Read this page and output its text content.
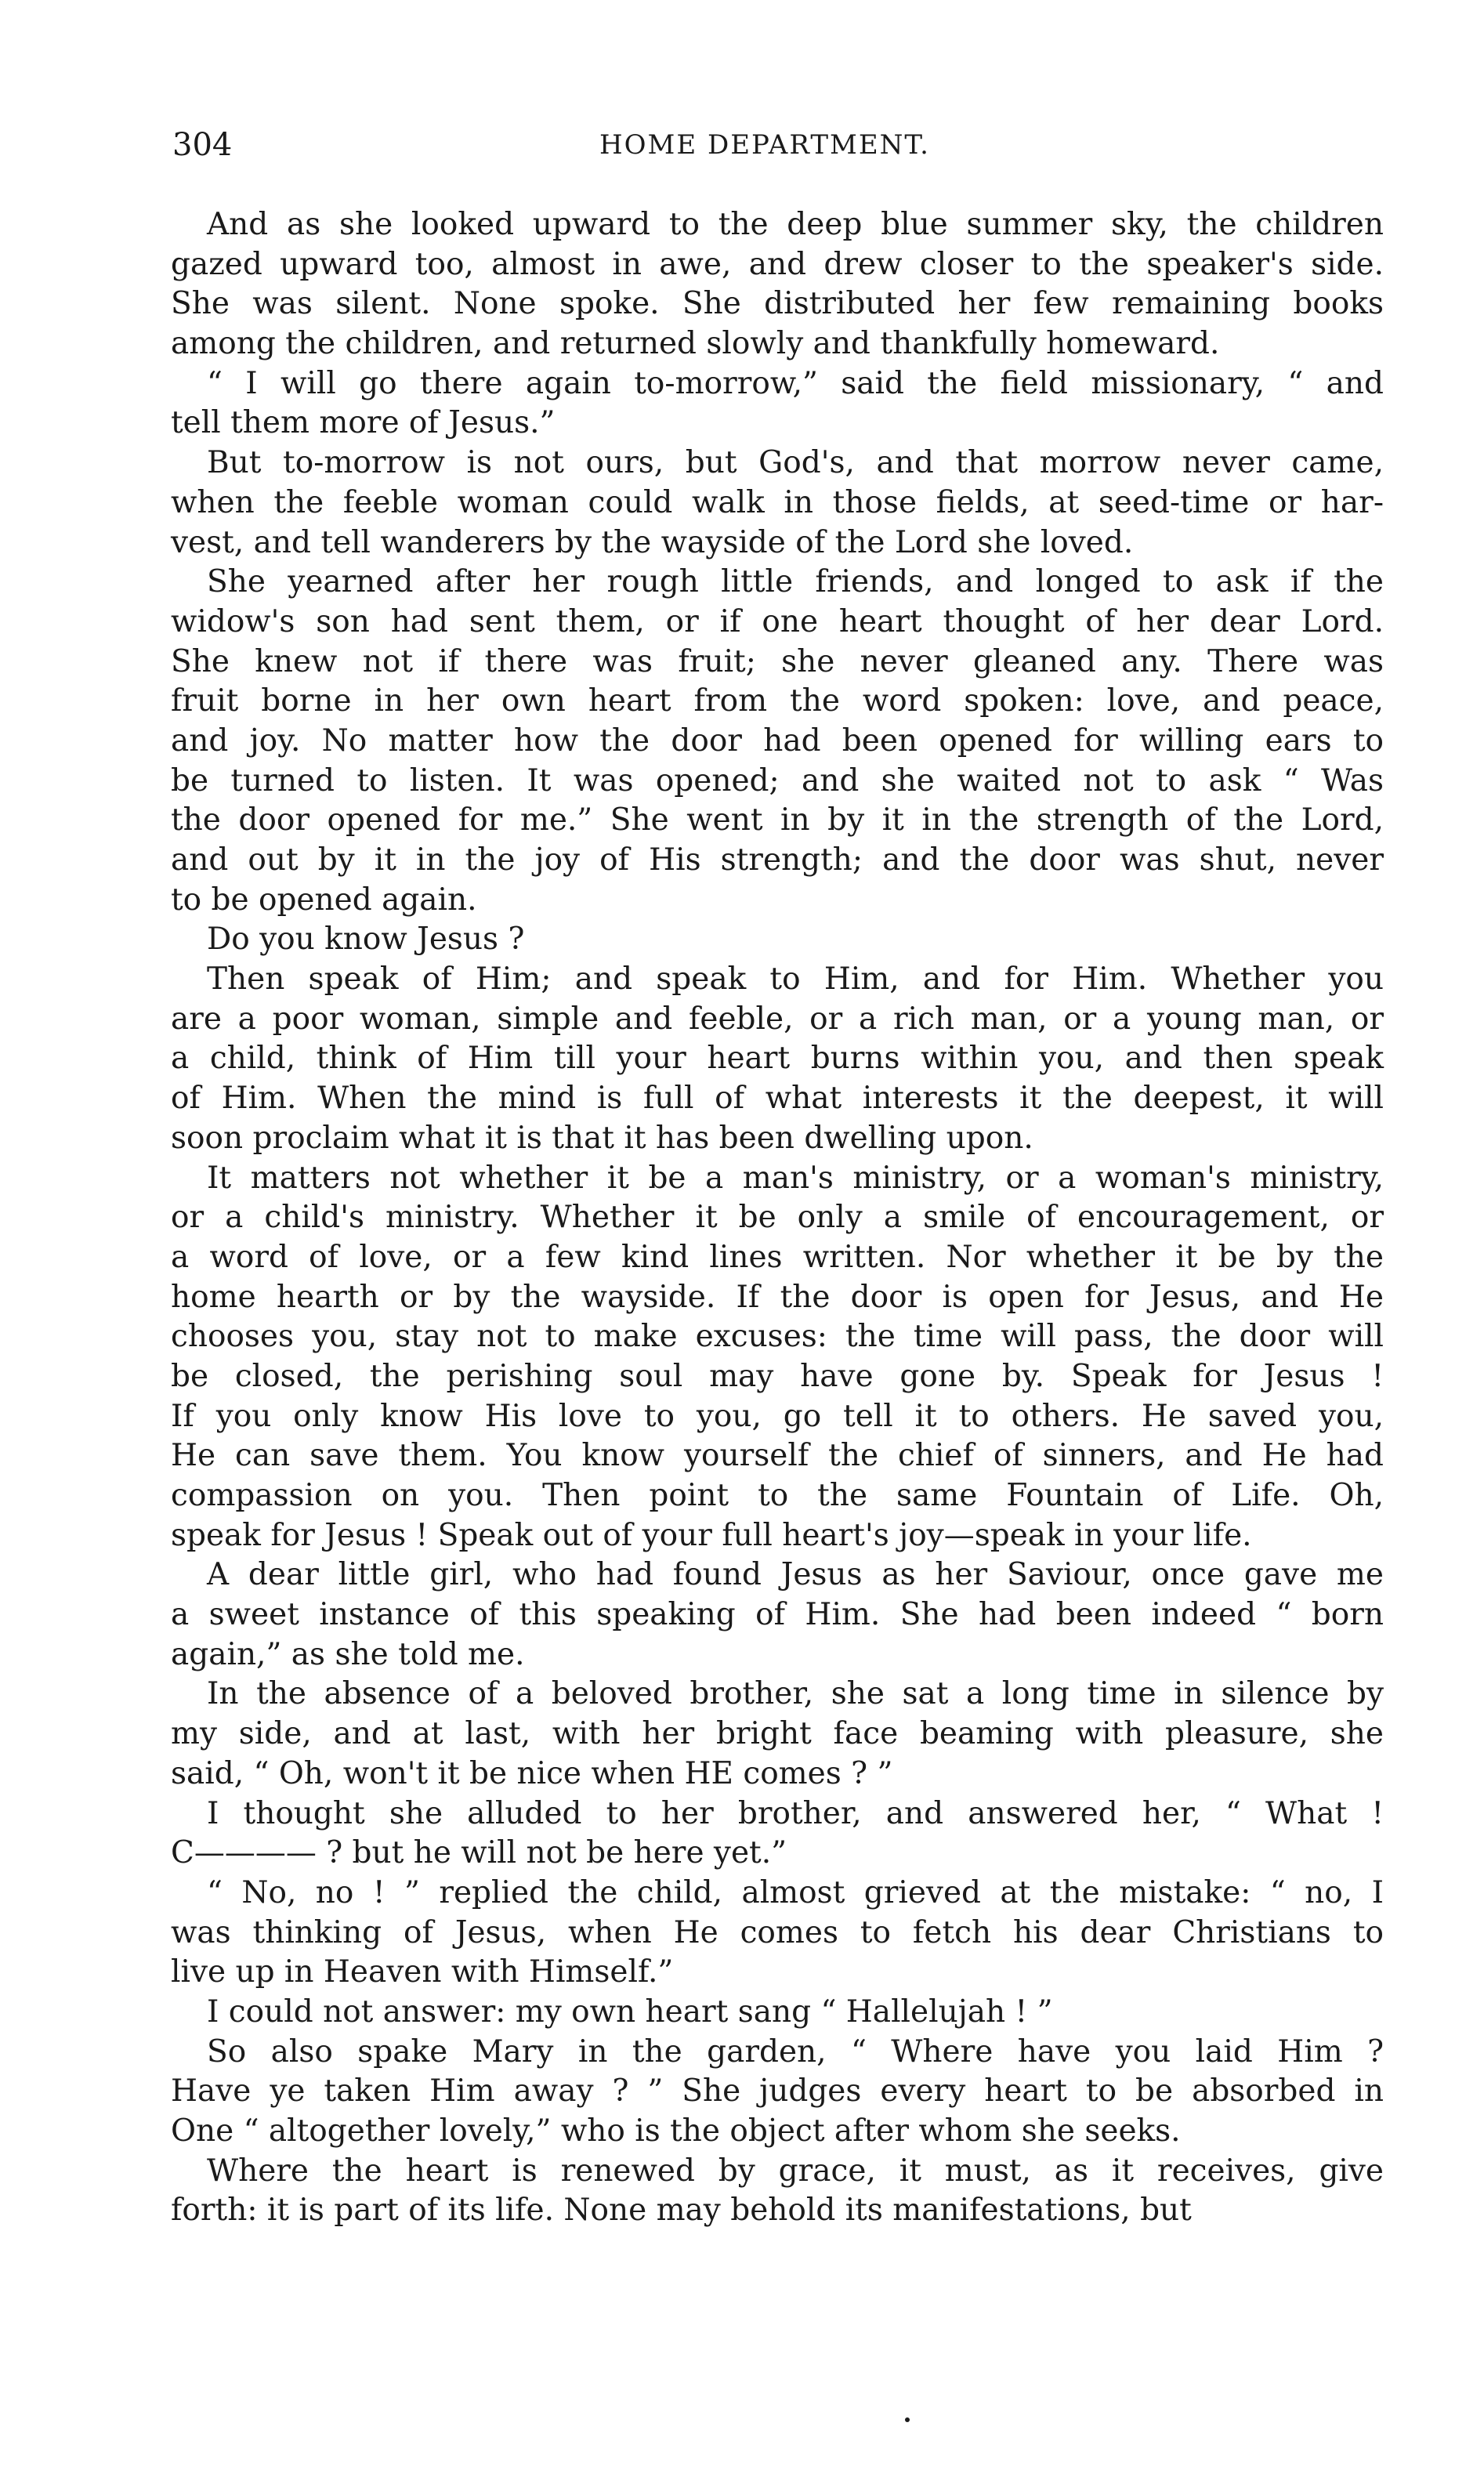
304	HOME DEPARTMENT.
And as she looked upward to the deep blue summer sky, the children
gazed upward too, almost in awe, and drew closer to the speaker's side.
She was silent. None spoke. She distributed her few remaining books
among the children, and returned slowly and thankfully homeward.
“ I will go there again to-morrow,” said the field missionary, “ and
tell them more of Jesus.”
But to-morrow is not ours, but God's, and that morrow never came,
when the feeble woman could walk in those fields, at seed-time or har-
vest, and tell wanderers by the wayside of the Lord she loved.
She yearned after her rough little friends, and longed to ask if the
widow's son had sent them, or if one heart thought of her dear Lord.
She knew not if there was fruit; she never gleaned any. There was
fruit borne in her own heart from the word spoken: love, and peace,
and joy. No matter how the door had been opened for willing ears to
be turned to listen. It was opened; and she waited not to ask “ Was
the door opened for me.” She went in by it in the strength of the Lord,
and out by it in the joy of His strength; and the door was shut, never
to be opened again.
Do you know Jesus ?
Then speak of Him; and speak to Him, and for Him. Whether you
are a poor woman, simple and feeble, or a rich man, or a young man, or
a child, think of Him till your heart burns within you, and then speak
of Him. When the mind is full of what interests it the deepest, it will
soon proclaim what it is that it has been dwelling upon.
It matters not whether it be a man's ministry, or a woman's ministry,
or a child's ministry. Whether it be only a smile of encouragement, or
a word of love, or a few kind lines written. Nor whether it be by the
home hearth or by the wayside. If the door is open for Jesus, and He
chooses you, stay not to make excuses: the time will pass, the door will
be closed, the perishing soul may have gone by. Speak for Jesus !
If you only know His love to you, go tell it to others. He saved you,
He can save them. You know yourself the chief of sinners, and He had
compassion on you. Then point to the same Fountain of Life. Oh,
speak for Jesus ! Speak out of your full heart's joy—speak in your life.
A dear little girl, who had found Jesus as her Saviour, once gave me
a sweet instance of this speaking of Him. She had been indeed “ born
again,” as she told me.
In the absence of a beloved brother, she sat a long time in silence by
my side, and at last, with her bright face beaming with pleasure, she
said, “ Oh, won't it be nice when HE comes ? ”
I thought she alluded to her brother, and answered her, “ What !
C———— ? but he will not be here yet.”
“ No, no ! ” replied the child, almost grieved at the mistake: “ no, I
was thinking of Jesus, when He comes to fetch his dear Christians to
live up in Heaven with Himself.”
I could not answer: my own heart sang “ Hallelujah ! ”
So also spake Mary in the garden, “ Where have you laid Him ?
Have ye taken Him away ? ” She judges every heart to be absorbed in
One “ altogether lovely,” who is the object after whom she seeks.
Where the heart is renewed by grace, it must, as it receives, give
forth: it is part of its life. None may behold its manifestations, but
